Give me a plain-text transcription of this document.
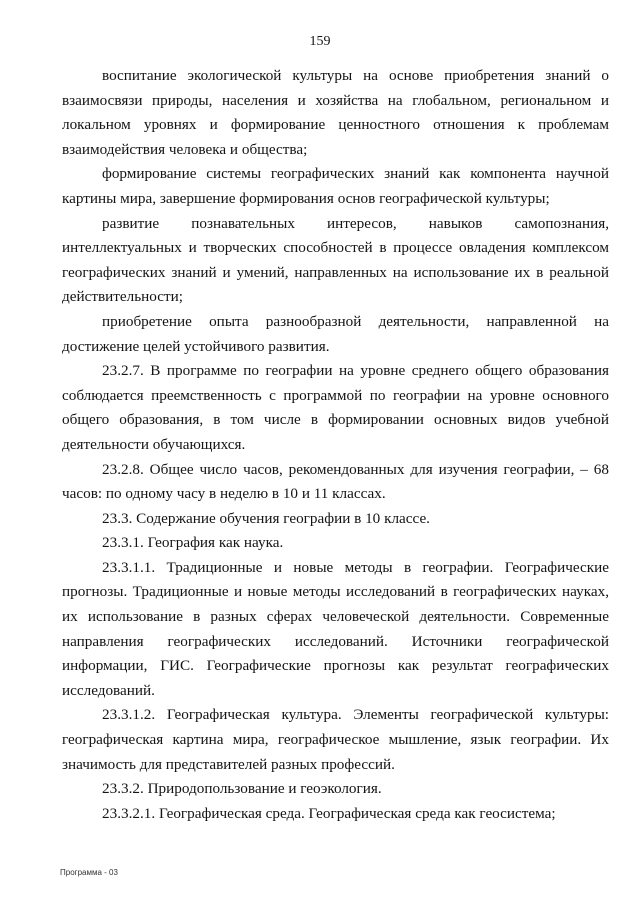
159

воспитание экологической культуры на основе приобретения знаний о взаимосвязи природы, населения и хозяйства на глобальном, региональном и локальном уровнях и формирование ценностного отношения к проблемам взаимодействия человека и общества;

формирование системы географических знаний как компонента научной картины мира, завершение формирования основ географической культуры;

развитие познавательных интересов, навыков самопознания, интеллектуальных и творческих способностей в процессе овладения комплексом географических знаний и умений, направленных на использование их в реальной действительности;

приобретение опыта разнообразной деятельности, направленной на достижение целей устойчивого развития.

23.2.7. В программе по географии на уровне среднего общего образования соблюдается преемственность с программой по географии на уровне основного общего образования, в том числе в формировании основных видов учебной деятельности обучающихся.

23.2.8. Общее число часов, рекомендованных для изучения географии, – 68 часов: по одному часу в неделю в 10 и 11 классах.

23.3. Содержание обучения географии в 10 классе.

23.3.1. География как наука.

23.3.1.1. Традиционные и новые методы в географии. Географические прогнозы. Традиционные и новые методы исследований в географических науках, их использование в разных сферах человеческой деятельности. Современные направления географических исследований. Источники географической информации, ГИС. Географические прогнозы как результат географических исследований.

23.3.1.2. Географическая культура. Элементы географической культуры: географическая картина мира, географическое мышление, язык географии. Их значимость для представителей разных профессий.

23.3.2. Природопользование и геоэкология.

23.3.2.1. Географическая среда. Географическая среда как геосистема;

Программа - 03
